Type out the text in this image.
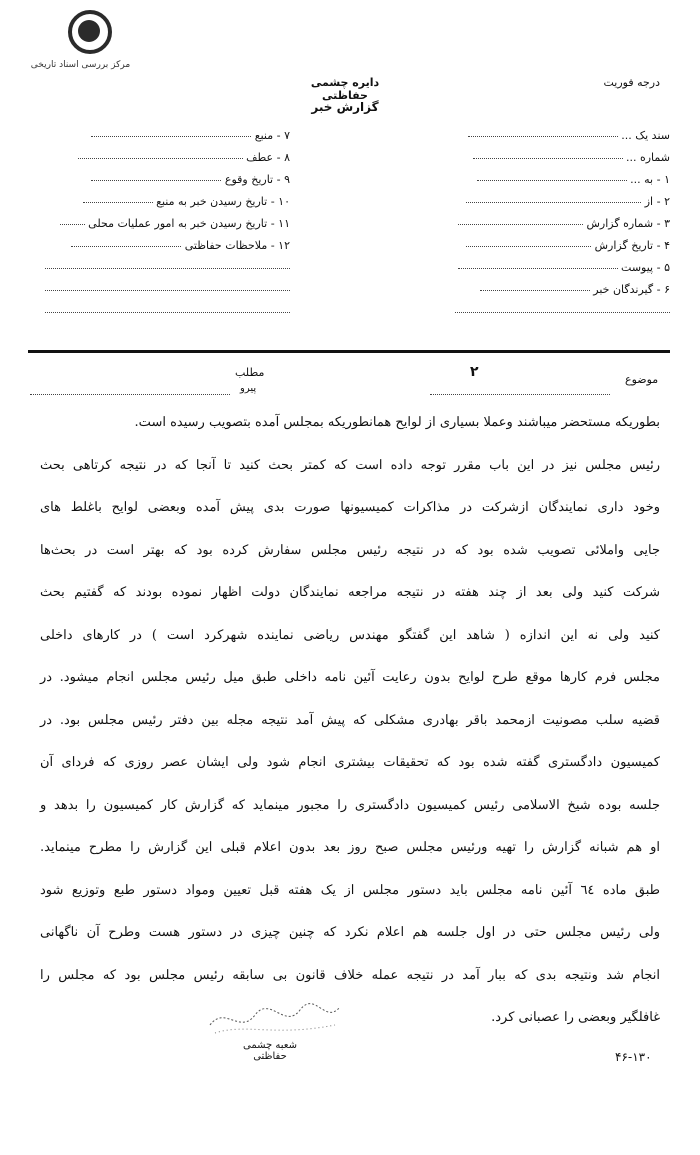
مرکز بررسی اسناد تاریخی
دایره چشمی حفاظتی
گزارش خبر
درجه فوریت
۷ - منبع
۸ - عطف
۹ - تاریخ وقوع
۱۰ - تاریخ رسیدن خبر به منبع
۱۱ - تاریخ رسیدن خبر به امور عملیات محلی
۱۲ - ملاحظات حفاظتی
سند یک ...
شماره ...
۱ - به ...
۲ - از
۳ - شماره گزارش
۴ - تاریخ گزارش
۵ - پیوست
۶ - گیرندگان خبر
موضوع
۲
مطلب
پیرو
بطوریکه مستحضر میباشند وعملا بسیاری از لوایح همانطوریکه بمجلس آمده بتصویب رسیده است.
رئیس مجلس نیز در این باب مقرر توجه داده است که کمتر بحث کنید تا آنجا که در نتیجه کرتاهی بحث
وخود داری نمایندگان ازشرکت در مذاکرات کمیسیونها صورت بدی پیش آمده وبعضی لوایح باغلط های
جایی واملائی تصویب شده بود که در نتیجه رئیس مجلس سفارش کرده بود که بهتر است در بحث‌ها
شرکت کنید ولی بعد از چند هفته در نتیجه مراجعه نمایندگان دولت اظهار نموده بودند که گفتیم بحث
کنید ولی نه این اندازه ( شاهد این گفتگو مهندس ریاضی نماینده شهرکرد است ) در کارهای داخلی
مجلس فرم کارها موقع طرح لوایح بدون رعایت آئین نامه داخلی طبق میل رئیس مجلس انجام میشود. در
قضیه سلب مصونیت ازمحمد باقر بهادری مشکلی که پیش آمد نتیجه مجله بین دفتر رئیس مجلس بود. در
کمیسیون دادگستری گفته شده بود که تحقیقات بیشتری انجام شود ولی ایشان عصر روزی که فردای آن
جلسه بوده شیخ الاسلامی رئیس کمیسیون دادگستری را مجبور مینماید که گزارش کار کمیسیون را بدهد و
او هم شبانه گزارش را تهیه ورئیس مجلس صبح روز بعد بدون اعلام قبلی این گزارش را مطرح مینماید.
طبق ماده ٦٤ آئین نامه مجلس باید دستور مجلس از یک هفته قبل تعیین ومواد دستور طبع وتوزیع شود
ولی رئیس مجلس حتی در اول جلسه هم اعلام نکرد که چنین چیزی در دستور هست وطرح آن ناگهانی
انجام شد ونتیجه بدی که ببار آمد در نتیجه عمله خلاف قانون بی سابقه رئیس مجلس بود که مجلس را
غافلگیر وبعضی را عصبانی کرد.
شعبه چشمی حفاظتی	۴۶-۱۳۰
